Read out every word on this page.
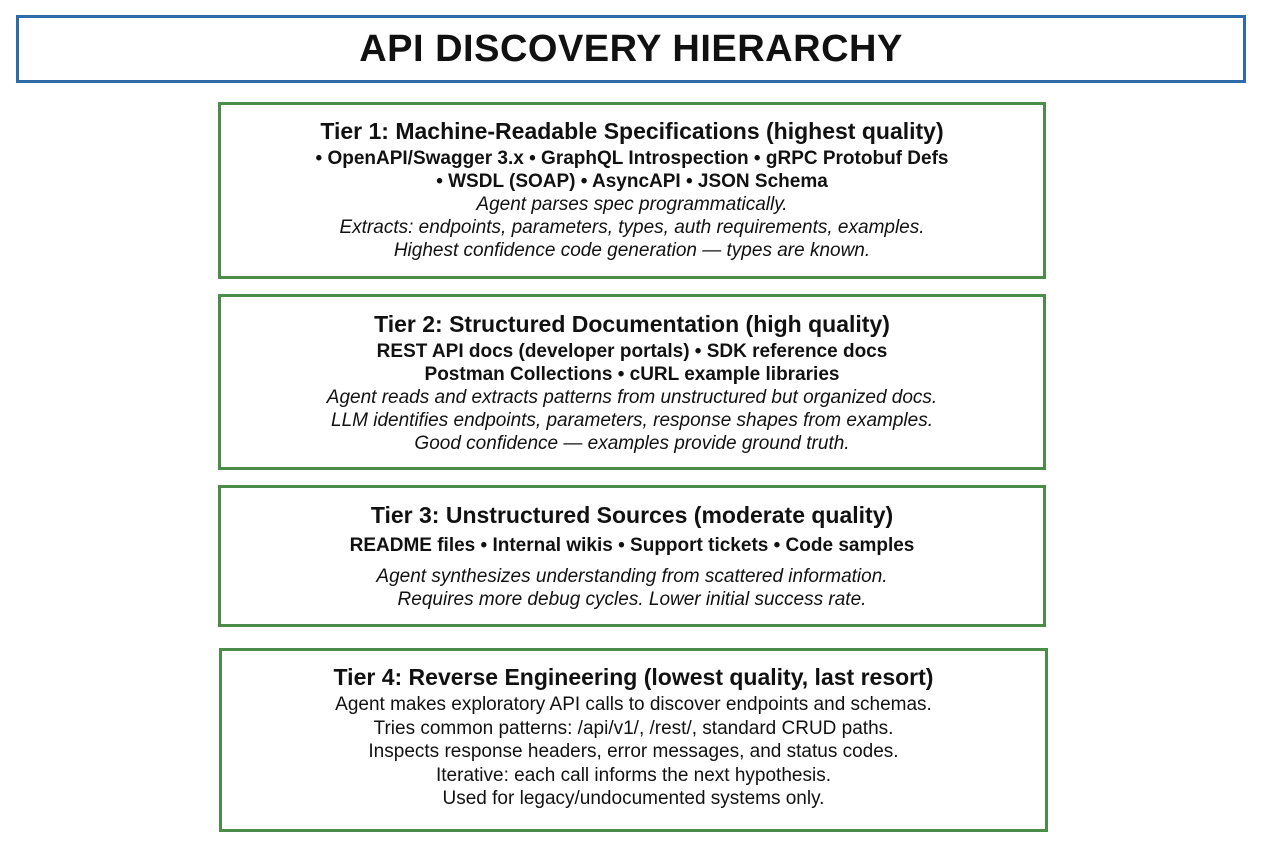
API DISCOVERY HIERARCHY
Tier 1: Machine-Readable Specifications (highest quality)
• OpenAPI/Swagger 3.x • GraphQL Introspection • gRPC Protobuf Defs
• WSDL (SOAP) • AsyncAPI • JSON Schema
Agent parses spec programmatically.
Extracts: endpoints, parameters, types, auth requirements, examples.
Highest confidence code generation — types are known.
Tier 2: Structured Documentation (high quality)
REST API docs (developer portals) • SDK reference docs
Postman Collections • cURL example libraries
Agent reads and extracts patterns from unstructured but organized docs.
LLM identifies endpoints, parameters, response shapes from examples.
Good confidence — examples provide ground truth.
Tier 3: Unstructured Sources (moderate quality)
README files • Internal wikis • Support tickets • Code samples
Agent synthesizes understanding from scattered information.
Requires more debug cycles. Lower initial success rate.
Tier 4: Reverse Engineering (lowest quality, last resort)
Agent makes exploratory API calls to discover endpoints and schemas.
Tries common patterns: /api/v1/, /rest/, standard CRUD paths.
Inspects response headers, error messages, and status codes.
Iterative: each call informs the next hypothesis.
Used for legacy/undocumented systems only.
